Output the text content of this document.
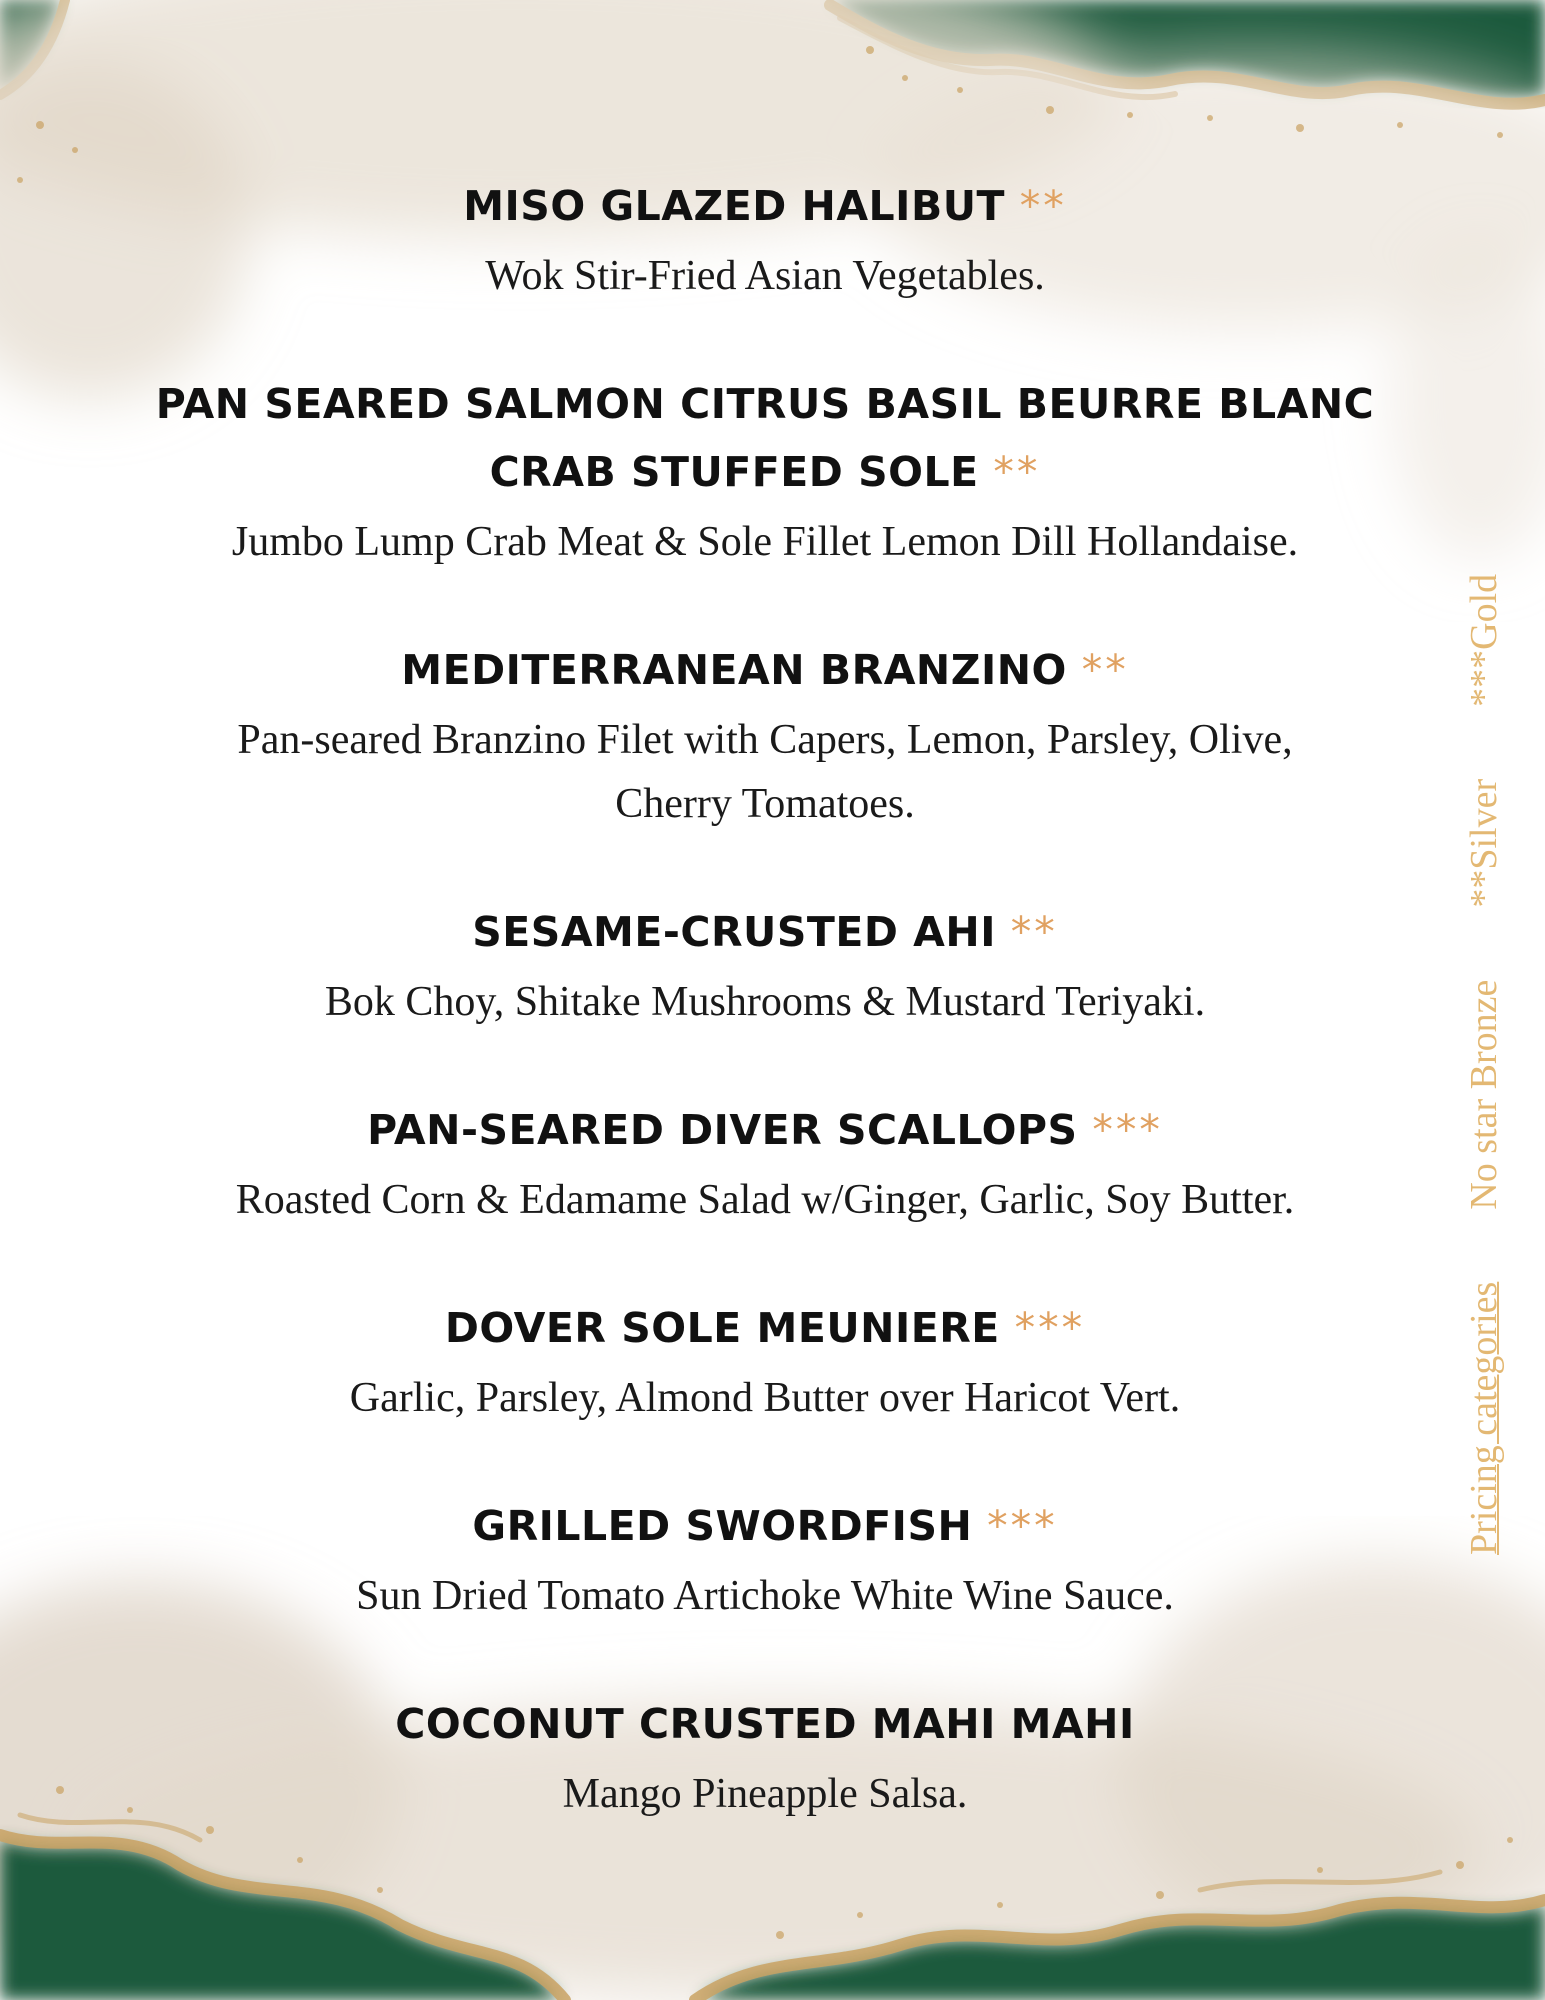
MISO GLAZED HALIBUT **
Wok Stir-Fried Asian Vegetables.
PAN SEARED SALMON CITRUS BASIL BEURRE BLANC
CRAB STUFFED SOLE **
Jumbo Lump Crab Meat & Sole Fillet Lemon Dill Hollandaise.
MEDITERRANEAN BRANZINO **
Pan-seared Branzino Filet with Capers, Lemon, Parsley, Olive,
Cherry Tomatoes.
SESAME-CRUSTED AHI **
Bok Choy, Shitake Mushrooms & Mustard Teriyaki.
PAN-SEARED DIVER SCALLOPS ***
Roasted Corn & Edamame Salad w/Ginger, Garlic, Soy Butter.
DOVER SOLE MEUNIERE ***
Garlic, Parsley, Almond Butter over Haricot Vert.
GRILLED SWORDFISH ***
Sun Dried Tomato Artichoke White Wine Sauce.
COCONUT CRUSTED MAHI MAHI
Mango Pineapple Salsa.
Pricing categoriesNo star Bronze**Silver***Gold
